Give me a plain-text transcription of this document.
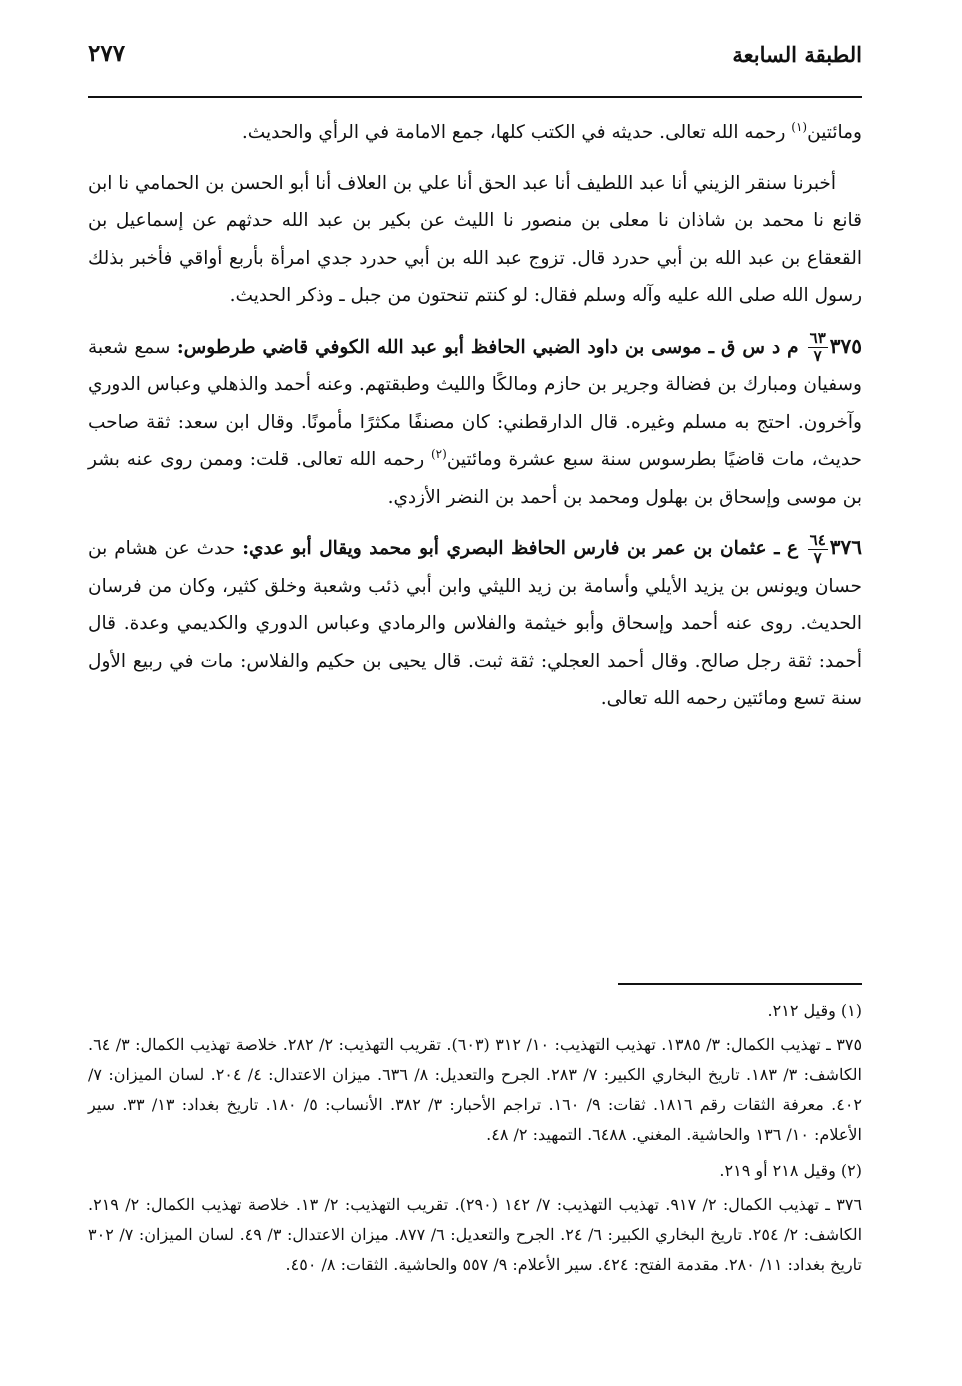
الطبقة السابعة
٢٧٧

ومائتين$^{(١)}$ رحمه الله تعالى. حديثه في الكتب كلها، جمع الامامة في الرأي والحديث.

أخبرنا سنقر الزيني أنا عبد اللطيف أنا عبد الحق أنا علي بن العلاف أنا أبو الحسن بن الحمامي نا ابن قانع نا محمد بن شاذان نا معلى بن منصور نا الليث عن بكير بن عبد الله حدثهم عن إسماعيل بن القعقاع بن عبد الله بن أبي حدرد قال. تزوج عبد الله بن أبي حدرد جدي امرأة بأربع أواقي فأخبر بذلك رسول الله صلى الله عليه وآله وسلم فقال: لو كنتم تنحتون من جبل ـ وذكر الحديث.

٣٧٥
$\frac{٦٣}{٧}$
م د س ق ـ موسى بن داود الضبي الحافظ أبو عبد الله الكوفي قاضي طرطوس: سمع شعبة وسفيان ومبارك بن فضالة وجرير بن حازم ومالكًا والليث وطبقتهم. وعنه أحمد والذهلي وعباس الدوري وآخرون. احتج به مسلم وغيره. قال الدارقطني: كان مصنفًا مكثرًا مأمونًا. وقال ابن سعد: ثقة صاحب حديث، مات قاضيًا بطرسوس سنة سبع عشرة ومائتين$^{(٢)}$ رحمه الله تعالى. قلت: وممن روى عنه بشر بن موسى وإسحاق بن بهلول ومحمد بن أحمد بن النضر الأزدي.

٣٧٦
$\frac{٦٤}{٧}$
ع ـ عثمان بن عمر بن فارس الحافظ البصري أبو محمد ويقال أبو عدي: حدث عن هشام بن حسان ويونس بن يزيد الأيلي وأسامة بن زيد الليثي وابن أبي ذئب وشعبة وخلق كثير، وكان من فرسان الحديث. روى عنه أحمد وإسحاق وأبو خيثمة والفلاس والرمادي وعباس الدوري والكديمي وعدة. قال أحمد: ثقة رجل صالح. وقال أحمد العجلي: ثقة ثبت. قال يحيى بن حكيم والفلاس: مات في ربيع الأول سنة تسع ومائتين رحمه الله تعالى.

(١) وقيل ٢١٢.

٣٧٥ ـ تهذيب الكمال: ٣/ ١٣٨٥. تهذيب التهذيب: ١٠/ ٣١٢ (٦٠٣). تقريب التهذيب: ٢/ ٢٨٢. خلاصة تهذيب الكمال: ٣/ ٦٤. الكاشف: ٣/ ١٨٣. تاريخ البخاري الكبير: ٧/ ٢٨٣. الجرح والتعديل: ٨/ ٦٣٦. ميزان الاعتدال: ٤/ ٢٠٤. لسان الميزان: ٧/ ٤٠٢. معرفة الثقات رقم ١٨١٦. ثقات: ٩/ ١٦٠. تراجم الأحبار: ٣/ ٣٨٢. الأنساب: ٥/ ١٨٠. تاريخ بغداد: ١٣/ ٣٣. سير الأعلام: ١٠/ ١٣٦ والحاشية. المغني. ٦٤٨٨. التمهيد: ٢/ ٤٨.

(٢) وقيل ٢١٨ أو ٢١٩.

٣٧٦ ـ تهذيب الكمال: ٢/ ٩١٧. تهذيب التهذيب: ٧/ ١٤٢ (٢٩٠). تقريب التهذيب: ٢/ ١٣. خلاصة تهذيب الكمال: ٢/ ٢١٩. الكاشف: ٢/ ٢٥٤. تاريخ البخاري الكبير: ٦/ ٢٤. الجرح والتعديل: ٦/ ٨٧٧. ميزان الاعتدال: ٣/ ٤٩. لسان الميزان: ٧/ ٣٠٢ تاريخ بغداد: ١١/ ٢٨٠. مقدمة الفتح: ٤٢٤. سير الأعلام: ٩/ ٥٥٧ والحاشية. الثقات: ٨/ ٤٥٠.
